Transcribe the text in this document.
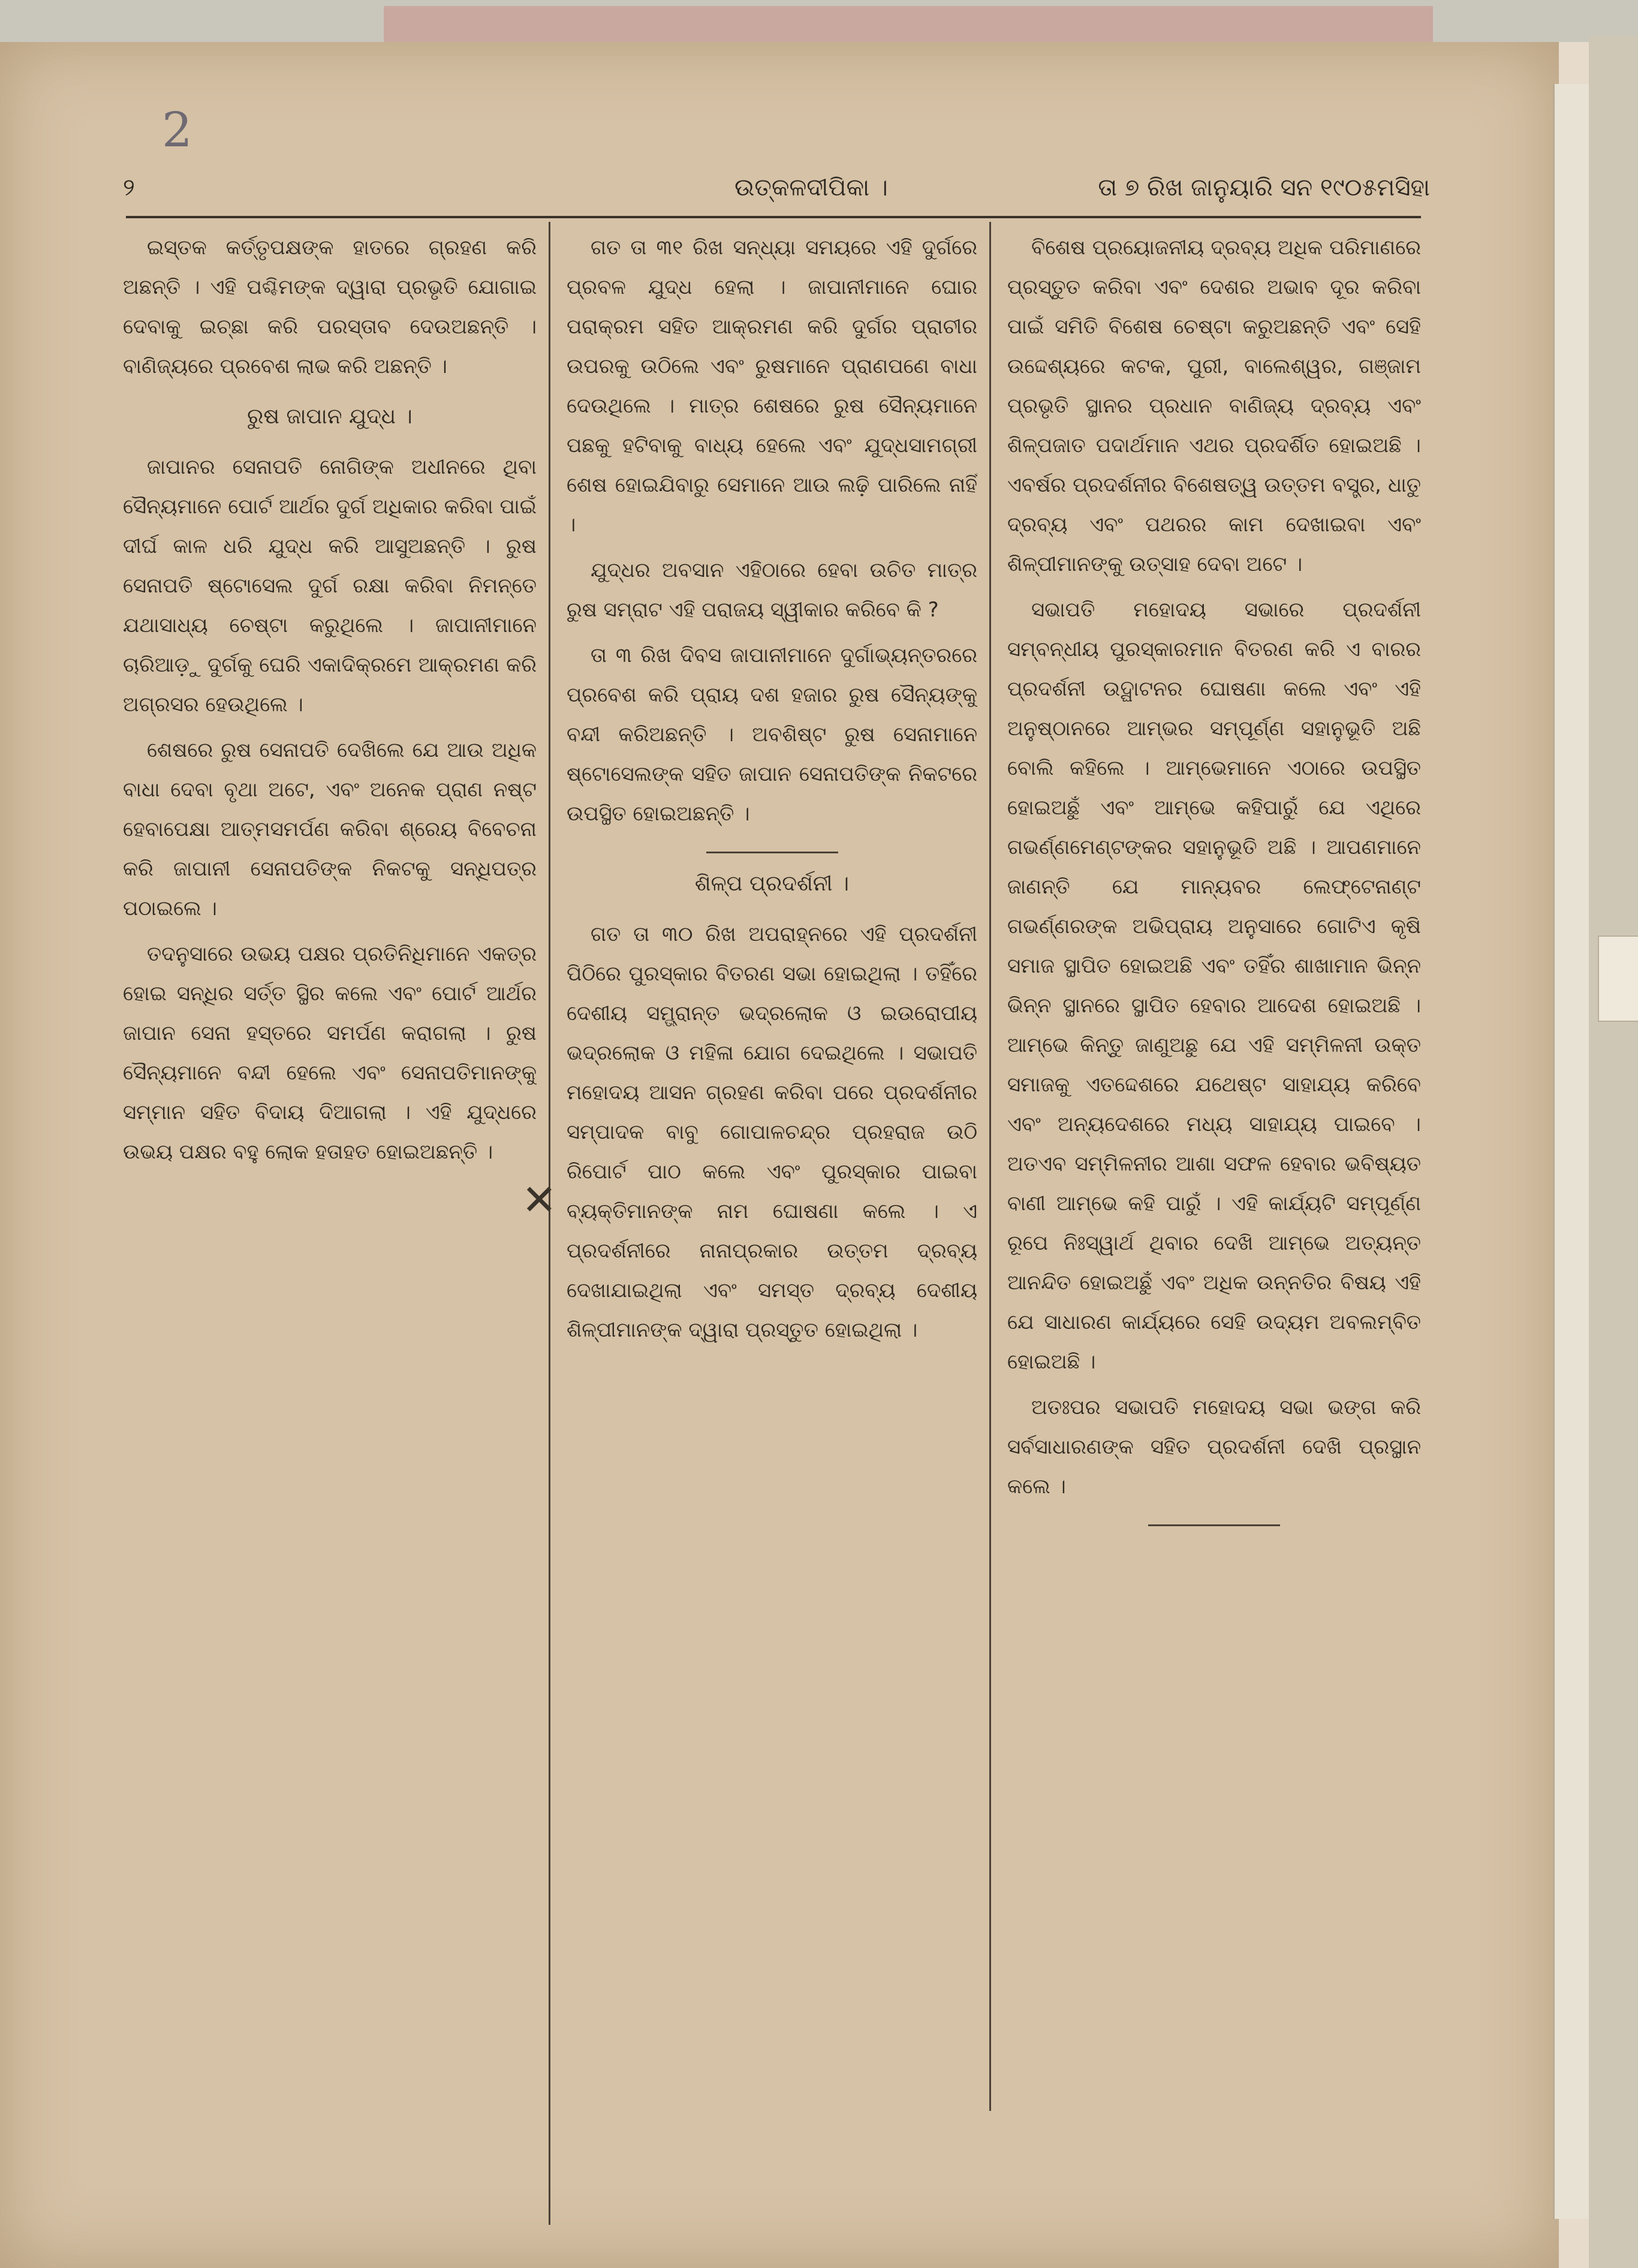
2
୨	ଉତ୍କଳଦୀପିକା ।	ତା ୭ ରିଖ ଜାନୁୟାରି ସନ ୧୯୦୫ମସିହା

ଇସ୍ତକ କର୍ତ୍ତୃପକ୍ଷଙ୍କ ହାତରେ ଗ୍ରହଣ କରି ଅଛନ୍ତି । ଏହି ପଶ୍ଚିମଙ୍କ ଦ୍ୱାରା ପ୍ରଭୃତି ଯୋଗାଇ ଦେବାକୁ ଇଚ୍ଛା କରି ପରସ୍ତାବ ଦେଉଅଛନ୍ତି । ବାଣିଜ୍ୟରେ ପ୍ରବେଶ ଲାଭ କରି ଅଛନ୍ତି ।

ରୁଷ ଜାପାନ ଯୁଦ୍ଧ ।

ଜାପାନର ସେନାପତି ନୋଗିଙ୍କ ଅଧୀନରେ ଥିବା ସୈନ୍ୟମାନେ ପୋର୍ଟ ଆର୍ଥର ଦୁର୍ଗ ଅଧିକାର କରିବା ପାଇଁ ଦୀର୍ଘ କାଳ ଧରି ଯୁଦ୍ଧ କରି ଆସୁଅଛନ୍ତି । ରୁଷ ସେନାପତି ଷ୍ଟୋସେଲ ଦୁର୍ଗ ରକ୍ଷା କରିବା ନିମନ୍ତେ ଯଥାସାଧ୍ୟ ଚେଷ୍ଟା କରୁଥିଲେ । ଜାପାନୀମାନେ ଚାରିଆଡ଼ୁ ଦୁର୍ଗକୁ ଘେରି ଏକାଦିକ୍ରମେ ଆକ୍ରମଣ କରି ଅଗ୍ରସର ହେଉଥିଲେ ।

ଶେଷରେ ରୁଷ ସେନାପତି ଦେଖିଲେ ଯେ ଆଉ ଅଧିକ ବାଧା ଦେବା ବୃଥା ଅଟେ, ଏବଂ ଅନେକ ପ୍ରାଣ ନଷ୍ଟ ହେବାପେକ୍ଷା ଆତ୍ମସମର୍ପଣ କରିବା ଶ୍ରେୟ ବିବେଚନା କରି ଜାପାନୀ ସେନାପତିଙ୍କ ନିକଟକୁ ସନ୍ଧିପତ୍ର ପଠାଇଲେ ।

ତଦନୁସାରେ ଉଭୟ ପକ୍ଷର ପ୍ରତିନିଧିମାନେ ଏକତ୍ର ହୋଇ ସନ୍ଧିର ସର୍ତ୍ତ ସ୍ଥିର କଲେ ଏବଂ ପୋର୍ଟ ଆର୍ଥର ଜାପାନ ସେନା ହସ୍ତରେ ସମର୍ପଣ କରାଗଲା । ରୁଷ ସୈନ୍ୟମାନେ ବନ୍ଦୀ ହେଲେ ଏବଂ ସେନାପତିମାନଙ୍କୁ ସମ୍ମାନ ସହିତ ବିଦାୟ ଦିଆଗଲା । ଏହି ଯୁଦ୍ଧରେ ଉଭୟ ପକ୍ଷର ବହୁ ଲୋକ ହତାହତ ହୋଇଅଛନ୍ତି ।

ଗତ ତା ୩୧ ରିଖ ସନ୍ଧ୍ୟା ସମୟରେ ଏହି ଦୁର୍ଗରେ ପ୍ରବଳ ଯୁଦ୍ଧ ହେଲା । ଜାପାନୀମାନେ ଘୋର ପରାକ୍ରମ ସହିତ ଆକ୍ରମଣ କରି ଦୁର୍ଗର ପ୍ରାଚୀର ଉପରକୁ ଉଠିଲେ ଏବଂ ରୁଷମାନେ ପ୍ରାଣପଣେ ବାଧା ଦେଉଥିଲେ । ମାତ୍ର ଶେଷରେ ରୁଷ ସୈନ୍ୟମାନେ ପଛକୁ ହଟିବାକୁ ବାଧ୍ୟ ହେଲେ ଏବଂ ଯୁଦ୍ଧସାମଗ୍ରୀ ଶେଷ ହୋଇଯିବାରୁ ସେମାନେ ଆଉ ଲଢ଼ି ପାରିଲେ ନାହିଁ ।

ଯୁଦ୍ଧର ଅବସାନ ଏହିଠାରେ ହେବା ଉଚିତ ମାତ୍ର ରୁଷ ସମ୍ରାଟ ଏହି ପରାଜୟ ସ୍ୱୀକାର କରିବେ କି ?

ତା ୩ ରିଖ ଦିବସ ଜାପାନୀମାନେ ଦୁର୍ଗାଭ୍ୟନ୍ତରରେ ପ୍ରବେଶ କରି ପ୍ରାୟ ଦଶ ହଜାର ରୁଷ ସୈନ୍ୟଙ୍କୁ ବନ୍ଦୀ କରିଅଛନ୍ତି । ଅବଶିଷ୍ଟ ରୁଷ ସେନାମାନେ ଷ୍ଟୋସେଲଙ୍କ ସହିତ ଜାପାନ ସେନାପତିଙ୍କ ନିକଟରେ ଉପସ୍ଥିତ ହୋଇଅଛନ୍ତି ।

ଶିଳ୍ପ ପ୍ରଦର୍ଶନୀ ।

ଗତ ତା ୩୦ ରିଖ ଅପରାହ୍ନରେ ଏହି ପ୍ରଦର୍ଶନୀ ପିଠିରେ ପୁରସ୍କାର ବିତରଣ ସଭା ହୋଇଥିଲା । ତହିଁରେ ଦେଶୀୟ ସମ୍ଭ୍ରାନ୍ତ ଭଦ୍ରଲୋକ ଓ ଇଉରୋପୀୟ ଭଦ୍ରଲୋକ ଓ ମହିଳା ଯୋଗ ଦେଇଥିଲେ । ସଭାପତି ମହୋଦୟ ଆସନ ଗ୍ରହଣ କରିବା ପରେ ପ୍ରଦର୍ଶନୀର ସମ୍ପାଦକ ବାବୁ ଗୋପାଳଚନ୍ଦ୍ର ପ୍ରହରାଜ ଉଠି ରିପୋର୍ଟ ପାଠ କଲେ ଏବଂ ପୁରସ୍କାର ପାଇବା ବ୍ୟକ୍ତିମାନଙ୍କ ନାମ ଘୋଷଣା କଲେ । ଏ ପ୍ରଦର୍ଶନୀରେ ନାନାପ୍ରକାର ଉତ୍ତମ ଦ୍ରବ୍ୟ ଦେଖାଯାଇଥିଲା ଏବଂ ସମସ୍ତ ଦ୍ରବ୍ୟ ଦେଶୀୟ ଶିଳ୍ପୀମାନଙ୍କ ଦ୍ୱାରା ପ୍ରସ୍ତୁତ ହୋଇଥିଲା ।

✕

ବିଶେଷ ପ୍ରୟୋଜନୀୟ ଦ୍ରବ୍ୟ ଅଧିକ ପରିମାଣରେ ପ୍ରସ୍ତୁତ କରିବା ଏବଂ ଦେଶର ଅଭାବ ଦୂର କରିବା ପାଇଁ ସମିତି ବିଶେଷ ଚେଷ୍ଟା କରୁଅଛନ୍ତି ଏବଂ ସେହି ଉଦ୍ଦେଶ୍ୟରେ କଟକ, ପୁରୀ, ବାଲେଶ୍ୱର, ଗଞ୍ଜାମ ପ୍ରଭୃତି ସ୍ଥାନର ପ୍ରଧାନ ବାଣିଜ୍ୟ ଦ୍ରବ୍ୟ ଏବଂ ଶିଳ୍ପଜାତ ପଦାର୍ଥମାନ ଏଥର ପ୍ରଦର୍ଶିତ ହୋଇଅଛି । ଏବର୍ଷର ପ୍ରଦର୍ଶନୀର ବିଶେଷତ୍ୱ ଉତ୍ତମ ବସ୍ତ୍ର, ଧାତୁ ଦ୍ରବ୍ୟ ଏବଂ ପଥରର କାମ ଦେଖାଇବା ଏବଂ ଶିଳ୍ପୀମାନଙ୍କୁ ଉତ୍ସାହ ଦେବା ଅଟେ ।

ସଭାପତି ମହୋଦୟ ସଭାରେ ପ୍ରଦର୍ଶନୀ ସମ୍ବନ୍ଧୀୟ ପୁରସ୍କାରମାନ ବିତରଣ କରି ଏ ବାରର ପ୍ରଦର୍ଶନୀ ଉଦ୍ଘାଟନର ଘୋଷଣା କଲେ ଏବଂ ଏହି ଅନୁଷ୍ଠାନରେ ଆମ୍ଭର ସମ୍ପୂର୍ଣ୍ଣ ସହାନୁଭୂତି ଅଛି ବୋଲି କହିଲେ । ଆମ୍ଭେମାନେ ଏଠାରେ ଉପସ୍ଥିତ ହୋଇଅଛୁଁ ଏବଂ ଆମ୍ଭେ କହିପାରୁଁ ଯେ ଏଥିରେ ଗଭର୍ଣ୍ଣମେଣ୍ଟଙ୍କର ସହାନୁଭୂତି ଅଛି । ଆପଣମାନେ ଜାଣନ୍ତି ଯେ ମାନ୍ୟବର ଲେଫ୍ଟେନାଣ୍ଟ ଗଭର୍ଣ୍ଣରଙ୍କ ଅଭିପ୍ରାୟ ଅନୁସାରେ ଗୋଟିଏ କୃଷି ସମାଜ ସ୍ଥାପିତ ହୋଇଅଛି ଏବଂ ତହିଁର ଶାଖାମାନ ଭିନ୍ନ ଭିନ୍ନ ସ୍ଥାନରେ ସ୍ଥାପିତ ହେବାର ଆଦେଶ ହୋଇଅଛି । ଆମ୍ଭେ କିନ୍ତୁ ଜାଣୁଅଛୁ ଯେ ଏହି ସମ୍ମିଳନୀ ଉକ୍ତ ସମାଜକୁ ଏତଦ୍ଦେଶରେ ଯଥେଷ୍ଟ ସାହାଯ୍ୟ କରିବେ ଏବଂ ଅନ୍ୟଦେଶରେ ମଧ୍ୟ ସାହାଯ୍ୟ ପାଇବେ । ଅତଏବ ସମ୍ମିଳନୀର ଆଶା ସଫଳ ହେବାର ଭବିଷ୍ୟତ ବାଣୀ ଆମ୍ଭେ କହି ପାରୁଁ । ଏହି କାର୍ଯ୍ୟଟି ସମ୍ପୂର୍ଣ୍ଣ ରୂପେ ନିଃସ୍ୱାର୍ଥ ଥିବାର ଦେଖି ଆମ୍ଭେ ଅତ୍ୟନ୍ତ ଆନନ୍ଦିତ ହୋଇଅଛୁଁ ଏବଂ ଅଧିକ ଉନ୍ନତିର ବିଷୟ ଏହି ଯେ ସାଧାରଣ କାର୍ଯ୍ୟରେ ସେହି ଉଦ୍ୟମ ଅବଲମ୍ବିତ ହୋଇଅଛି ।

ଅତଃପର ସଭାପତି ମହୋଦୟ ସଭା ଭଙ୍ଗ କରି ସର୍ବସାଧାରଣଙ୍କ ସହିତ ପ୍ରଦର୍ଶନୀ ଦେଖି ପ୍ରସ୍ଥାନ କଲେ ।
